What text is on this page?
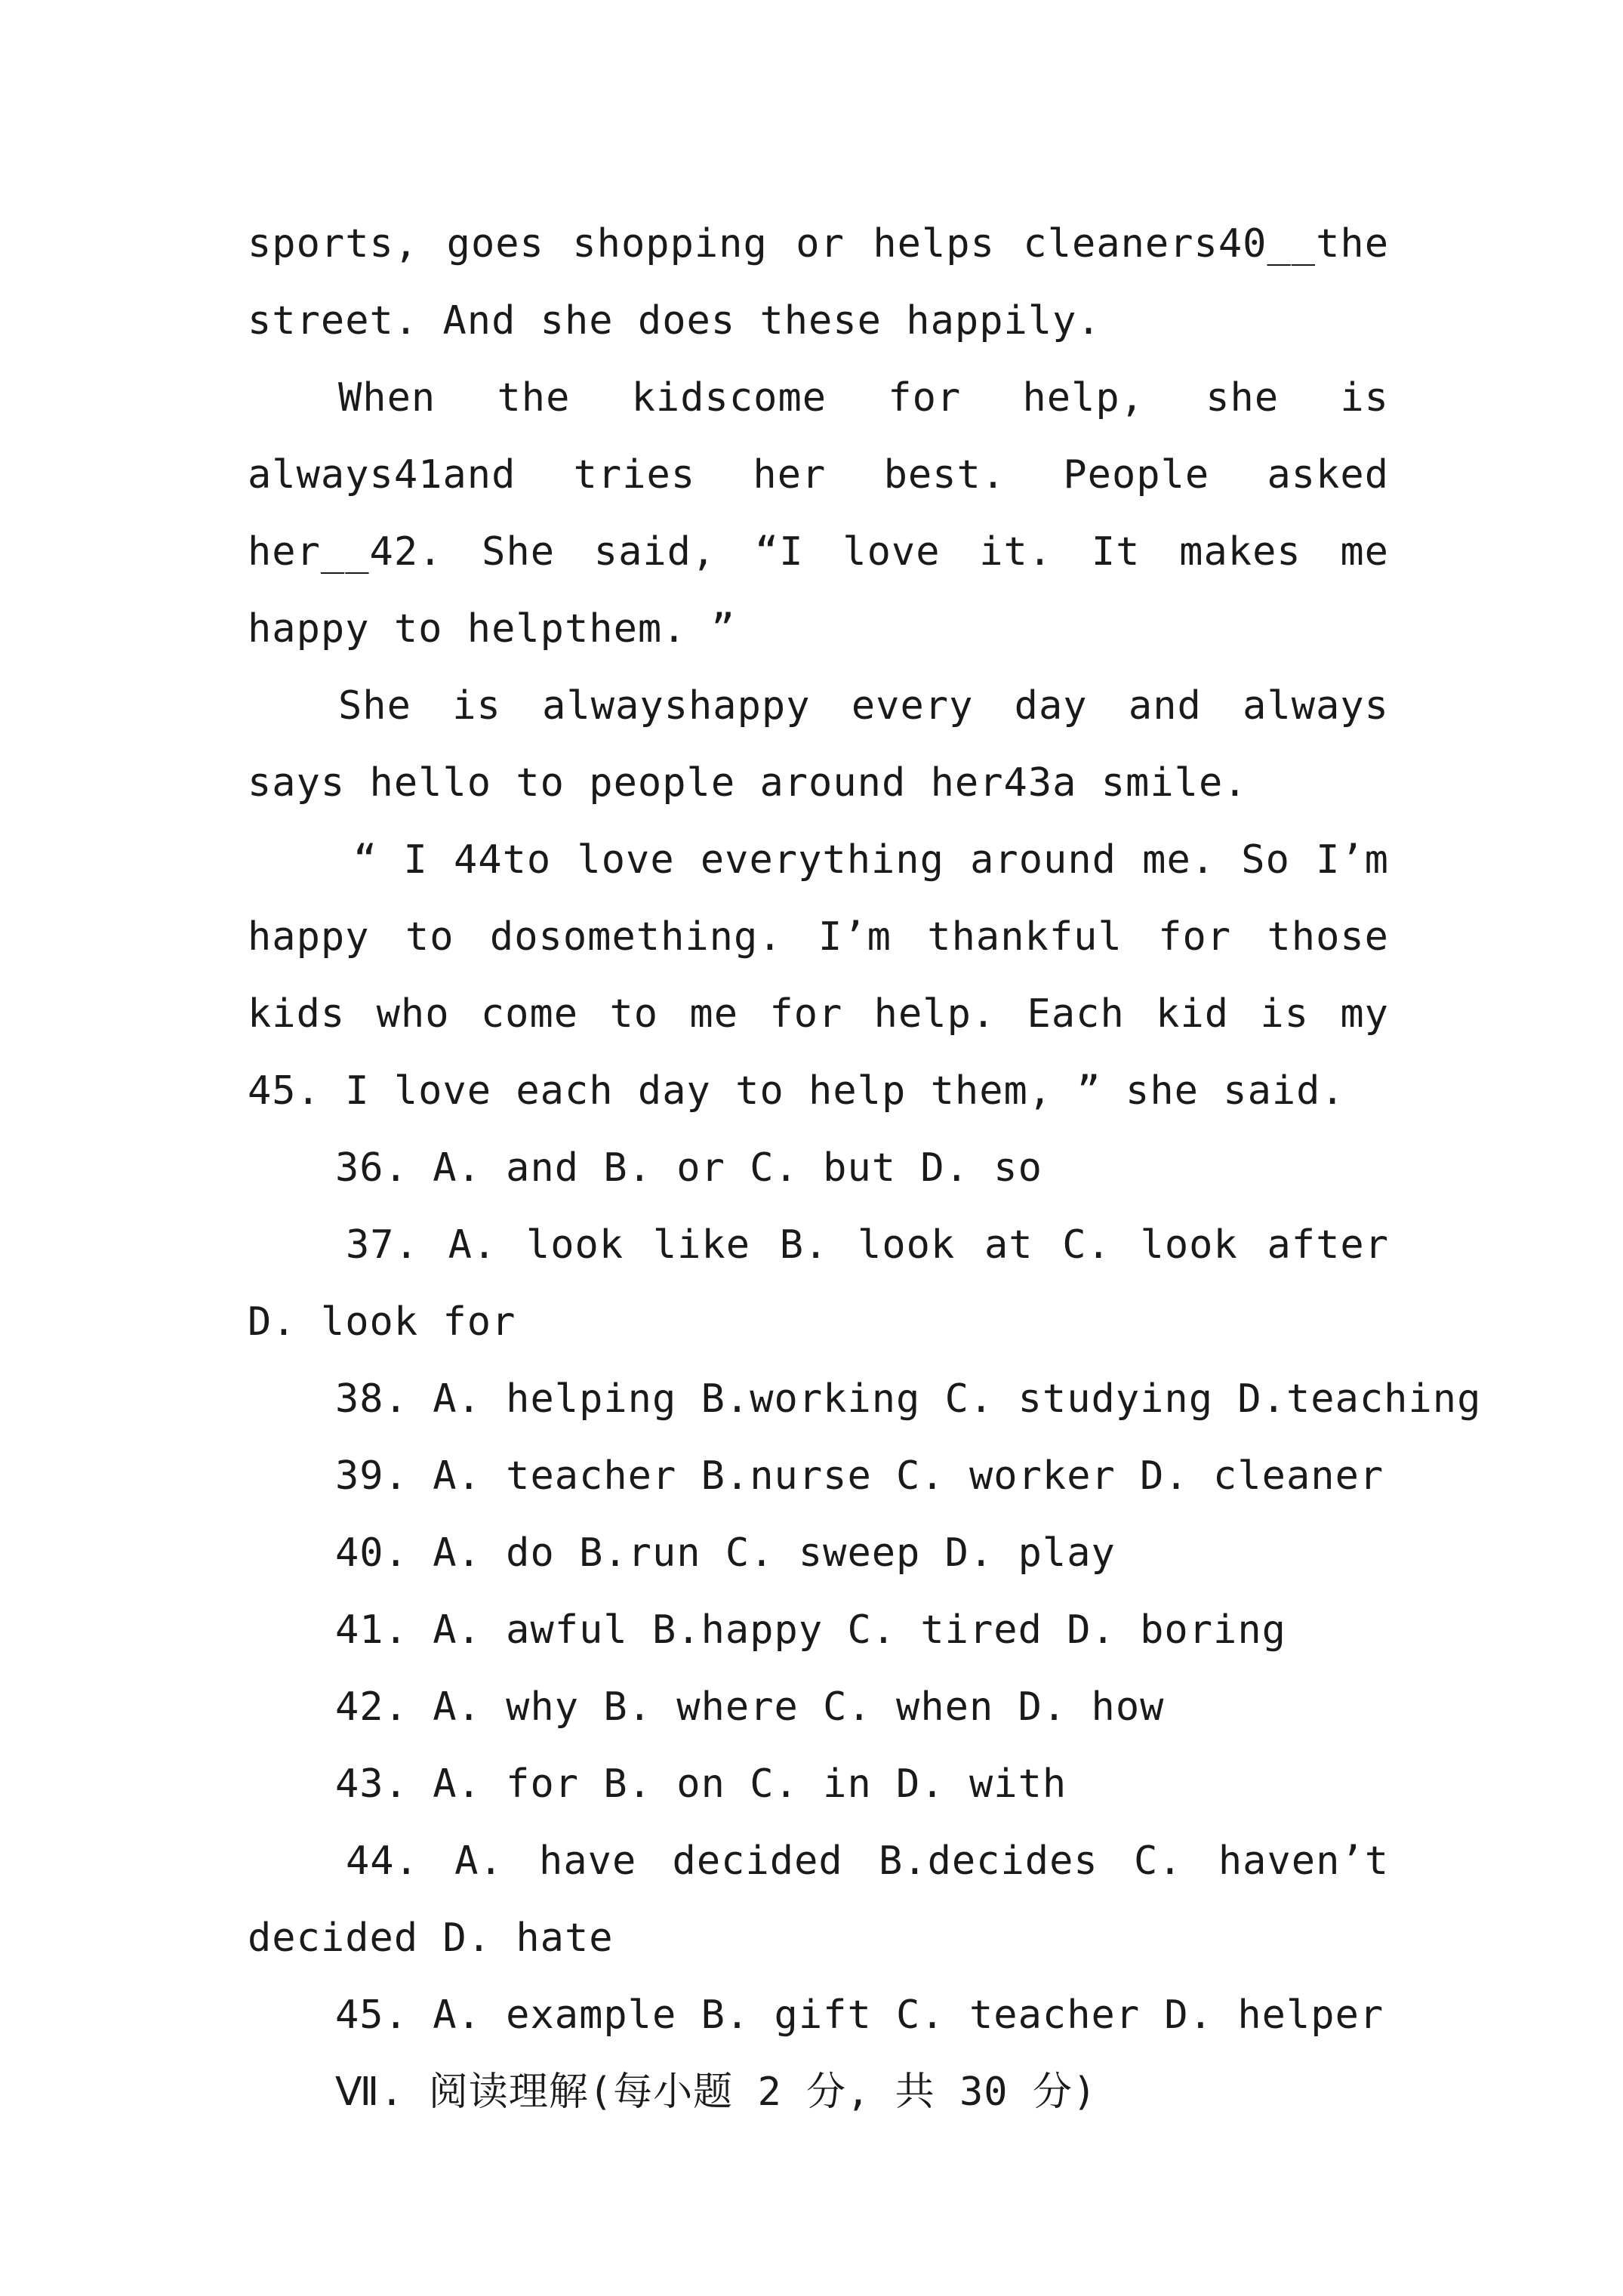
sports, goes shopping or helps cleaners40__the street. And she does these happily.

When the kidscome for help, she is always41and tries her best. People asked her__42. She said, “I love it. It makes me happy to helpthem. ”

She is alwayshappy every day and always says hello to people around her43a smile.

“ I 44to love everything around me. So I’m happy to dosomething. I’m thankful for those kids who come to me for help. Each kid is my 45. I love each day to help them, ” she said.

36. A. and B. or C. but D. so

37. A. look like B. look at C. look after D. look for

38. A. helping B.working C. studying D.teaching

39. A. teacher B.nurse C. worker D. cleaner

40. A. do B.run C. sweep D. play

41. A. awful B.happy C. tired D. boring

42. A. why B. where C. when D. how

43. A. for B. on C. in D. with

44. A. have decided B.decides C. haven’t decided D. hate

45. A. example B. gift C. teacher D. helper

Ⅶ. 阅读理解(每小题 2 分, 共 30 分)
